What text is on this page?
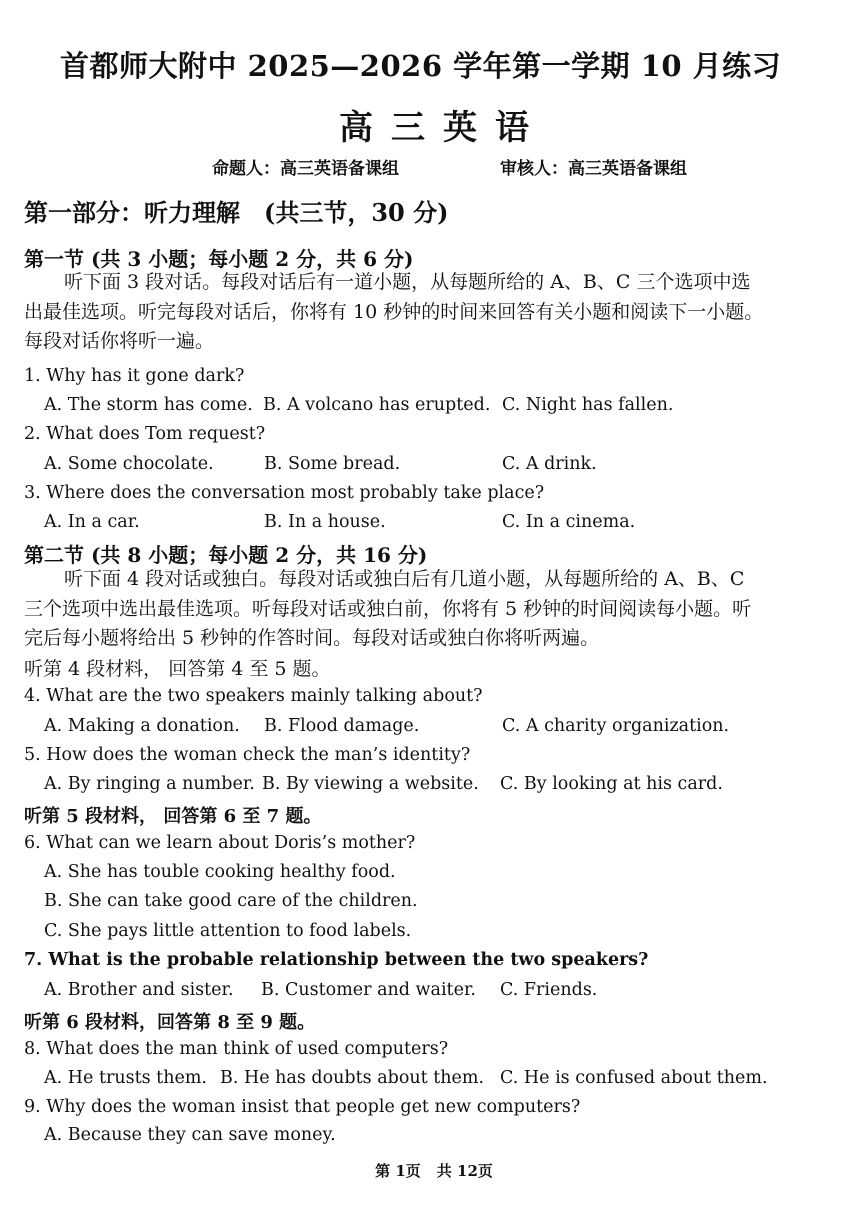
首都师大附中 2025—2026 学年第一学期 10 月练习
高三英语
命题人：高三英语备课组	审核人：高三英语备课组
第一部分：听力理解　(共三节，30 分)
第一节 (共 3 小题；每小题 2 分，共 6 分)
听下面 3 段对话。每段对话后有一道小题，从每题所给的 A、B、C 三个选项中选出最佳选项。听完每段对话后，你将有 10 秒钟的时间来回答有关小题和阅读下一小题。每段对话你将听一遍。
1. Why has it gone dark?
A. The storm has come. B. A volcano has erupted. C. Night has fallen.
2. What does Tom request?
A. Some chocolate.	B. Some bread.	C. A drink.
3. Where does the conversation most probably take place?
A. In a car.	B. In a house.	C. In a cinema.
第二节 (共 8 小题；每小题 2 分，共 16 分)
听下面 4 段对话或独白。每段对话或独白后有几道小题，从每题所给的 A、B、C 三个选项中选出最佳选项。听每段对话或独白前，你将有 5 秒钟的时间阅读每小题。听完后每小题将给出 5 秒钟的作答时间。每段对话或独白你将听两遍。
听第 4 段材料， 回答第 4 至 5 题。
4. What are the two speakers mainly talking about?
A. Making a donation. B. Flood damage.	C. A charity organization.
5. How does the woman check the man’s identity?
A. By ringing a number. B. By viewing a website. C. By looking at his card.
听第 5 段材料， 回答第 6 至 7 题。
6. What can we learn about Doris’s mother?
A. She has touble cooking healthy food.
B. She can take good care of the children.
C. She pays little attention to food labels.
7. What is the probable relationship between the two speakers?
A. Brother and sister. B. Customer and waiter. C. Friends.
听第 6 段材料，回答第 8 至 9 题。
8. What does the man think of used computers?
A. He trusts them. B. He has doubts about them. C. He is confused about them.
9. Why does the woman insist that people get new computers?
A. Because they can save money.
第 1页 共 12页
